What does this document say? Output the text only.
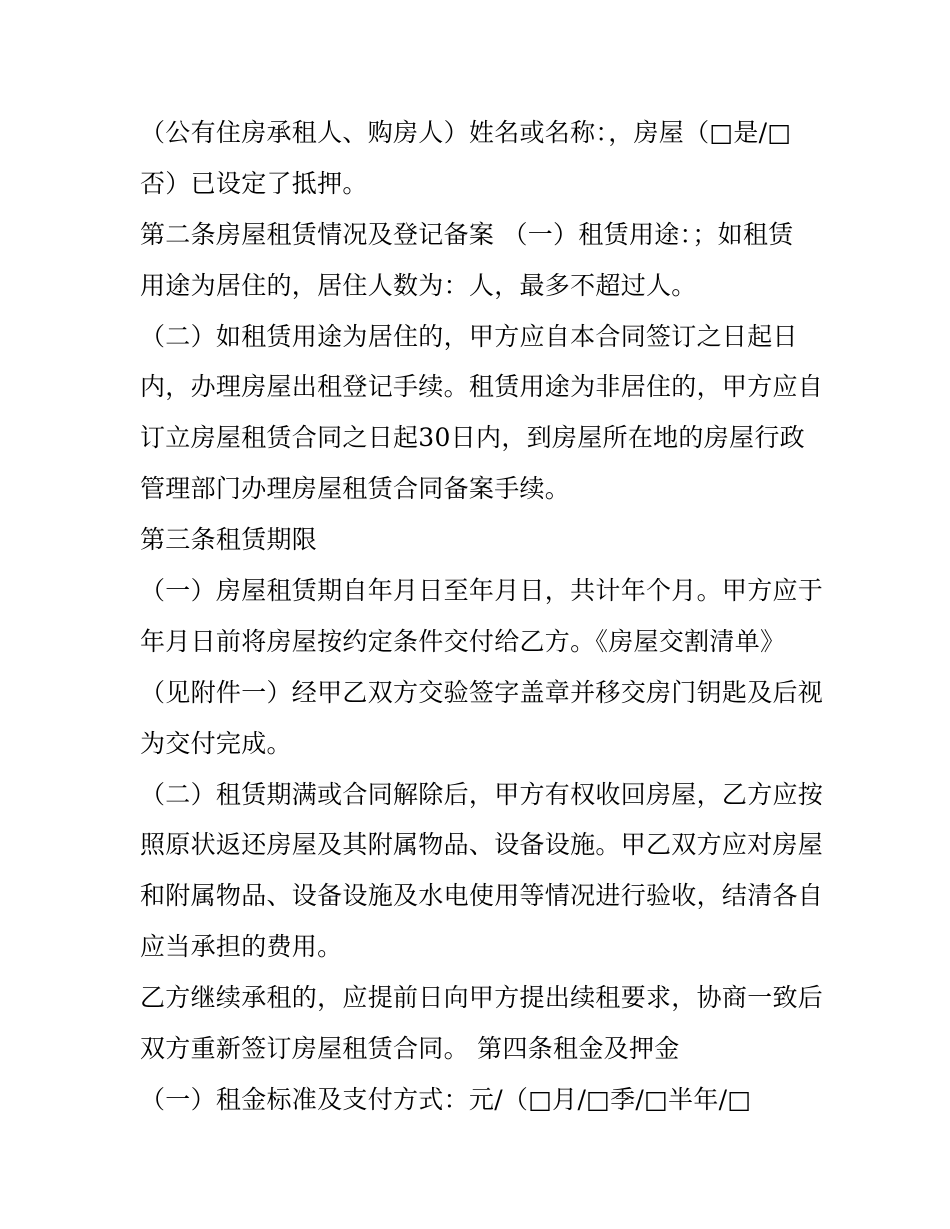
（公有住房承租人、购房人）姓名或名称：，房屋（□是/□
否）已设定了抵押。
第二条房屋租赁情况及登记备案 （一）租赁用途：；如租赁
用途为居住的，居住人数为：人，最多不超过人。
（二）如租赁用途为居住的，甲方应自本合同签订之日起日
内，办理房屋出租登记手续。租赁用途为非居住的，甲方应自
订立房屋租赁合同之日起30日内，到房屋所在地的房屋行政
管理部门办理房屋租赁合同备案手续。
第三条租赁期限
（一）房屋租赁期自年月日至年月日，共计年个月。甲方应于
年月日前将房屋按约定条件交付给乙方。《房屋交割清单》
（见附件一）经甲乙双方交验签字盖章并移交房门钥匙及后视
为交付完成。
（二）租赁期满或合同解除后，甲方有权收回房屋，乙方应按
照原状返还房屋及其附属物品、设备设施。甲乙双方应对房屋
和附属物品、设备设施及水电使用等情况进行验收，结清各自
应当承担的费用。
乙方继续承租的，应提前日向甲方提出续租要求，协商一致后
双方重新签订房屋租赁合同。 第四条租金及押金
（一）租金标准及支付方式：元/（□月/□季/□半年/□
